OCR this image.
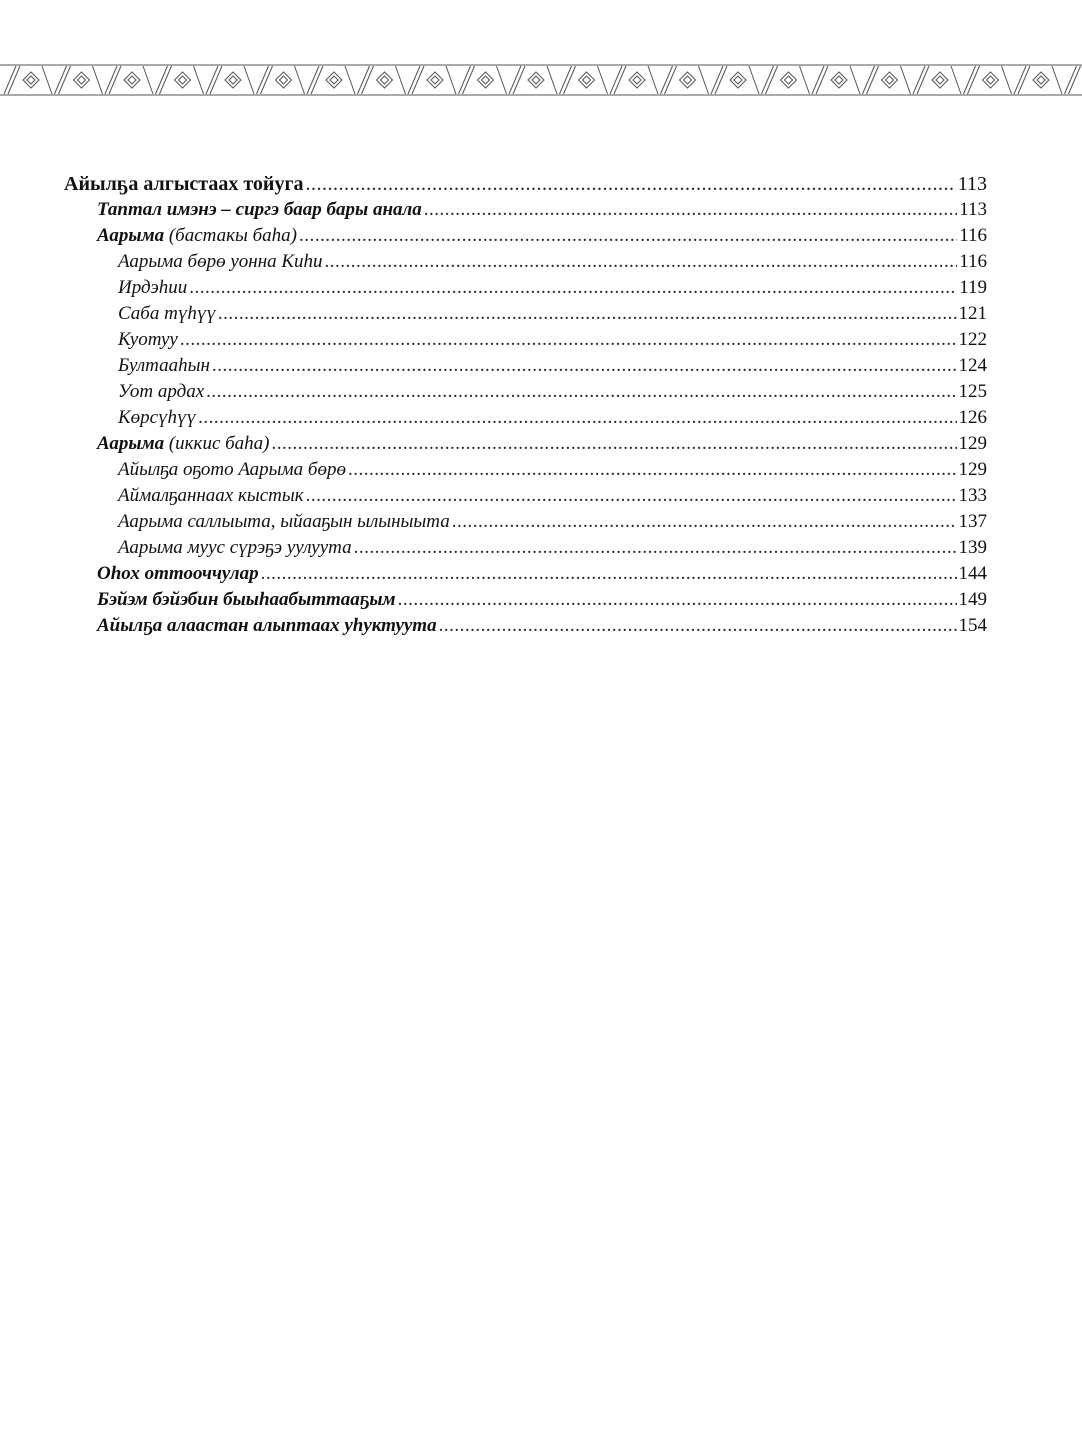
Айылҕа алгыстаах тойуга .....	113
Таптал имэнэ – сиргэ баар бары анала .....	113
Аарыма (бастакы баһа) .....	116
Аарыма бөрө уонна Киһи .....	116
Ирдэһии .....	119
Саба түһүү .....	121
Куотуу .....	122
Бултааһын .....	124
Уот ардах .....	125
Көрсүһүү .....	126
Аарыма (иккис баһа) .....	129
Айылҕа оҕото Аарыма бөрө .....	129
Аймалҕаннаах кыстык .....	133
Аарыма саллыыта, ыйааҕын ылыныыта .....	137
Аарыма муус сүрэҕэ уулуута .....	139
Оһох оттооччулар .....	144
Бэйэм бэйэбин быыһаабыттааҕым .....	149
Айылҕа алаастан алыптаах уһуктуута .....	154
